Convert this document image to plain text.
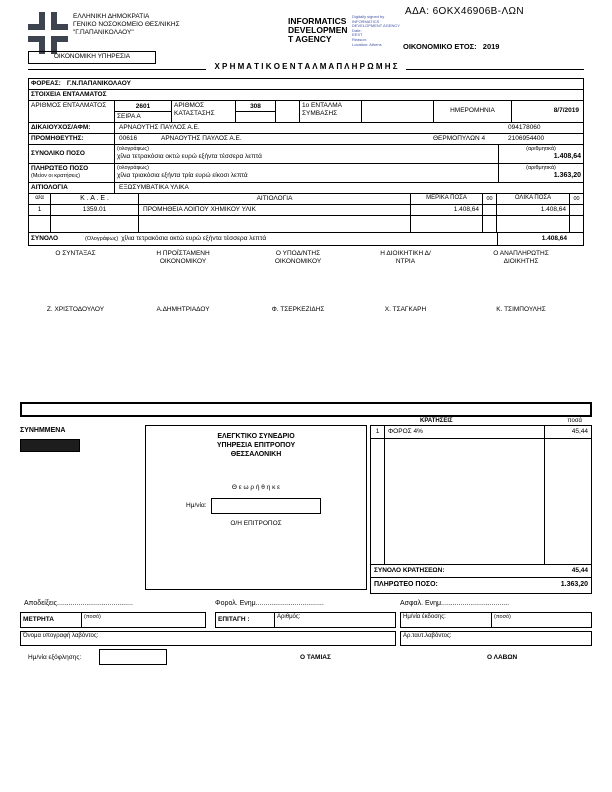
ΕΛΛΗΝΙΚΗ ΔΗΜΟΚΡΑΤΙΑ
ΓΕΝΙΚΟ ΝΟΣΟΚΟΜΕΙΟ ΘΕΣ/ΝΙΚΗΣ
"Γ.ΠΑΠΑΝΙΚΟΛΑΟΥ"
ΟΙΚΟΝΟΜΙΚΗ ΥΠΗΡΕΣΙΑ
INFORMATICS
DEVELOPMEN
T AGENCY
Digitally signed by
INFORMATICS
DEVELOPMENT AGENCY
Date:
EEST
Reason:
Location: Athens
ΑΔΑ: 6ΟΚΧ46906Β-ΛΩΝ
ΟΙΚΟΝΟΜΙΚΟ ΕΤΟΣ: 2019
Χ Ρ Η Μ Α Τ Ι Κ Ο Ε Ν Τ Α Λ Μ Α Π Λ Η Ρ Ω Μ Η Σ
ΦΟΡΕΑΣ: Γ.Ν.ΠΑΠΑΝΙΚΟΛΑΟΥ
ΣΤΟΙΧΕΙΑ ΕΝΤΑΛΜΑΤΟΣ
ΑΡΙΘΜΟΣ ΕΝΤΑΛΜΑΤΟΣ	2601
ΣΕΙΡΑ Α
ΑΡΙΘΜΟΣ ΚΑΤΑΣΤΑΣΗΣ
308	1ο ΕΝΤΑΛΜΑ ΣΥΜΒΑΣΗΣ	ΗΜΕΡΟΜΗΝΙΑ	8/7/2019
ΔΙΚΑΙΟΥΧΟΣ/ΑΦΜ:	ΑΡΝΑΟΥΤΗΣ ΠΑΥΛΟΣ Α.Ε.	094178060
ΠΡΟΜΗΘΕΥΤΗΣ:	00616	ΑΡΝΑΟΥΤΗΣ ΠΑΥΛΟΣ Α.Ε.	ΘΕΡΜΟΠΥΛΩΝ 4	2106954400
ΣΥΝΟΛΙΚΟ ΠΟΣΟ
(ολογράφως)
χίλια τετρακόσια οκτώ ευρώ εξήντα τέσσερα λεπτά
(αριθμητικά)
1.408,64
ΠΛΗΡΩΤΕΟ ΠΟΣΟ
(Μείον οι κρατήσεις)
(ολογράφως)
χίλια τριακόσια εξήντα τρία ευρώ είκοσι λεπτά
(αριθμητικά)
1.363,20
ΑΙΤΙΟΛΟΓΙΑ	ΕΞΩΣΥΜΒΑΤΙΚΑ ΥΛΙΚΑ
α/α	Κ . Α . Ε .	ΑΙΤΙΟΛΟΓΙΑ	ΜΕΡΙΚΑ ΠΟΣΑ	00	ΟΛΙΚΑ ΠΟΣΑ	00
1	1359.01	ΠΡΟΜΗΘΕΙΑ ΛΟΙΠΟΥ ΧΗΜΙΚΟΥ ΥΛΙΚ	1.408,64	1.408,64
ΣΥΝΟΛΟ	(Ολογράφως) χίλια τετρακόσια οκτώ ευρώ εξήντα τέσσερα λεπτά	1.408,64
Ο ΣΥΝΤΑΞΑΣ
Ζ. ΧΡΙΣΤΟΔΟΥΛΟΥ
Η ΠΡΟΪΣΤΑΜΕΝΗ ΟΙΚΟΝΟΜΙΚΟΥ
Α.ΔΗΜΗΤΡΙΑΔΟΥ
Ο ΥΠΟΔ/ΝΤΗΣ ΟΙΚΟΝΟΜΙΚΟΥ
Φ. ΤΣΕΡΚΕΖΙΔΗΣ
Η ΔΙΟΙΚΗΤΙΚΗ Δ/ΝΤΡΙΑ
Χ. ΤΣΑΓΚΑΡΗ
Ο ΑΝΑΠΛΗΡΩΤΗΣ ΔΙΟΙΚΗΤΗΣ
Κ. ΤΣΙΜΠΟΥΛΗΣ
ΚΡΑΤΗΣΕΙΣ	ποσά
ΣΥΝΗΜΜΕΝΑ
ΕΛΕΓΚΤΙΚΟ ΣΥΝΕΔΡΙΟ
ΥΠΗΡΕΣΙΑ ΕΠΙΤΡΟΠΟΥ
ΘΕΣΣΑΛΟΝΙΚΗ
Θ ε ω ρ ή θ η κ ε
Ημ/νία:
Ο/Η ΕΠΙΤΡΟΠΟΣ
1	ΦΟΡΟΣ 4%	45,44
ΣΥΝΟΛΟ ΚΡΑΤΗΣΕΩΝ:	45,44
ΠΛΗΡΩΤΕΟ ΠΟΣΟ:	1.363,20
Αποδείξεις.......................................	Φορολ. Ενημ...................................	Ασφαλ. Ενημ...................................
ΜΕΤΡΗΤΑ	(ποσό)	ΕΠΙΤΑΓΗ :	Αριθμός:	Ημ/νία έκδοσης:	(ποσό)
Όνομα υπογραφή λαβόντος:	Αρ.ταυτ.λαβόντος:
Ημ/νία εξόφλησης:	Ο ΤΑΜΙΑΣ	Ο ΛΑΒΩΝ
